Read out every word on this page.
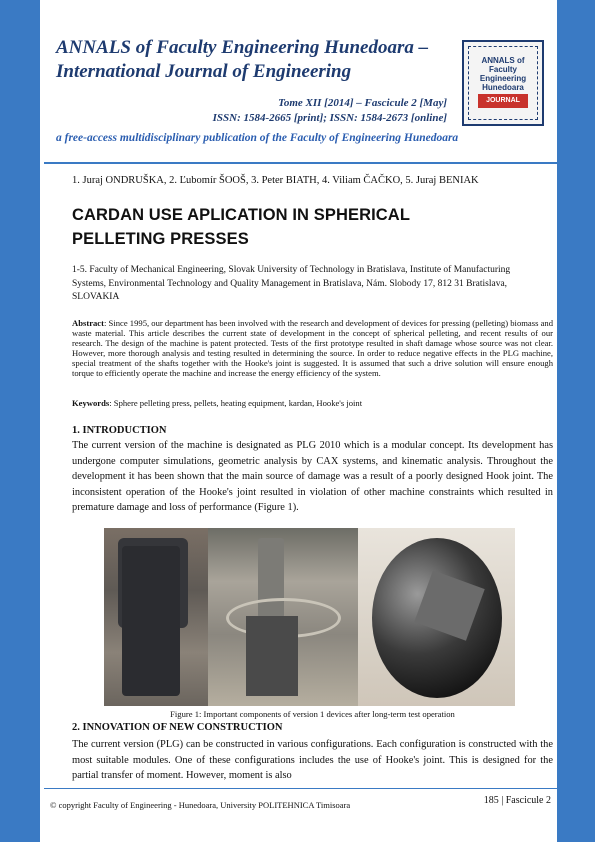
ANNALS of Faculty Engineering Hunedoara – International Journal of Engineering
Tome XII [2014] – Fascicule 2 [May]
ISSN: 1584-2665 [print]; ISSN: 1584-2673 [online]
a free-access multidisciplinary publication of the Faculty of Engineering Hunedoara
ANNALS of Faculty Engineering Hunedoara
JOURNAL
1. Juraj ONDRUŠKA, 2. Ľubomír ŠOOŠ, 3. Peter BIATH, 4. Viliam ČAČKO, 5. Juraj BENIAK
CARDAN USE APLICATION IN SPHERICAL PELLETING PRESSES
1-5. Faculty of Mechanical Engineering, Slovak University of Technology in Bratislava, Institute of Manufacturing Systems, Environmental Technology and Quality Management in Bratislava, Nám. Slobody 17, 812 31 Bratislava, SLOVAKIA
Abstract: Since 1995, our department has been involved with the research and development of devices for pressing (pelleting) biomass and waste material. This article describes the current state of development in the concept of spherical pelleting, and recent results of our research. The design of the machine is patent protected. Tests of the first prototype resulted in shaft damage whose source was not clear. However, more thorough analysis and testing resulted in determining the source. In order to reduce negative effects in the PLG machine, special treatment of the shafts together with the Hooke's joint is suggested. It is assumed that such a drive solution will ensure enough torque to efficiently operate the machine and increase the energy efficiency of the system.
Keywords: Sphere pelleting press, pellets, heating equipment, kardan, Hooke's joint
1. INTRODUCTION
The current version of the machine is designated as PLG 2010 which is a modular concept. Its development has undergone computer simulations, geometric analysis by CAX systems, and kinematic analysis. Throughout the development it has been shown that the main source of damage was a result of a poorly designed Hook joint. The inconsistent operation of the Hooke's joint resulted in violation of other machine constraints which resulted in premature damage and loss of performance (Figure 1).
Figure 1: Important components of version 1 devices after long-term test operation
2. INNOVATION OF NEW CONSTRUCTION
The current version (PLG) can be constructed in various configurations. Each configuration is constructed with the most suitable modules. One of these configurations includes the use of Hooke's joint. This is designed for the partial transfer of moment. However, moment is also
© copyright Faculty of Engineering - Hunedoara, University POLITEHNICA Timisoara	185 | Fascicule 2
